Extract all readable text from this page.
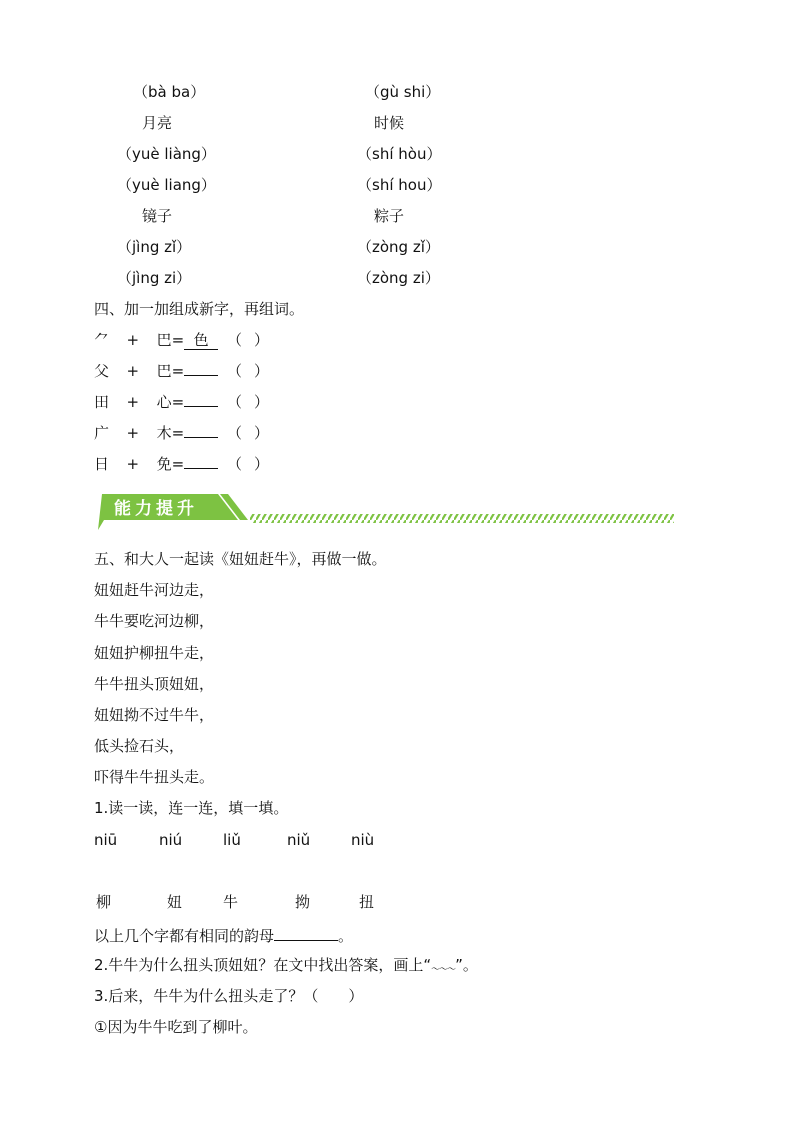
（bà ba）	（gù shi）
月亮	时候
（yuè liàng）	（shí hòu）
（yuè liang）	（shí hou）
镜子	粽子
（jìng zǐ）	（zòng zǐ）
（jìng zi）	（zòng zi）
四、加一加组成新字，再组词。
⺈ + 巴= 色 （ ）
父 + 巴=	（ ）
田 + 心=	（ ）
广 + 木=	（ ）
日 + 免=	（ ）
能力提升
五、和大人一起读《妞妞赶牛》，再做一做。
妞妞赶牛河边走，
牛牛要吃河边柳，
妞妞护柳扭牛走，
牛牛扭头顶妞妞，
妞妞拗不过牛牛，
低头捡石头，
吓得牛牛扭头走。
1.读一读，连一连，填一填。
niū	niú	liǔ	niǔ	niù
柳	妞	牛	拗	扭
以上几个字都有相同的韵母	。
2.牛牛为什么扭头顶妞妞？在文中找出答案，画上“～～～”。
3.后来，牛牛为什么扭头走了？（　　）
①因为牛牛吃到了柳叶。
